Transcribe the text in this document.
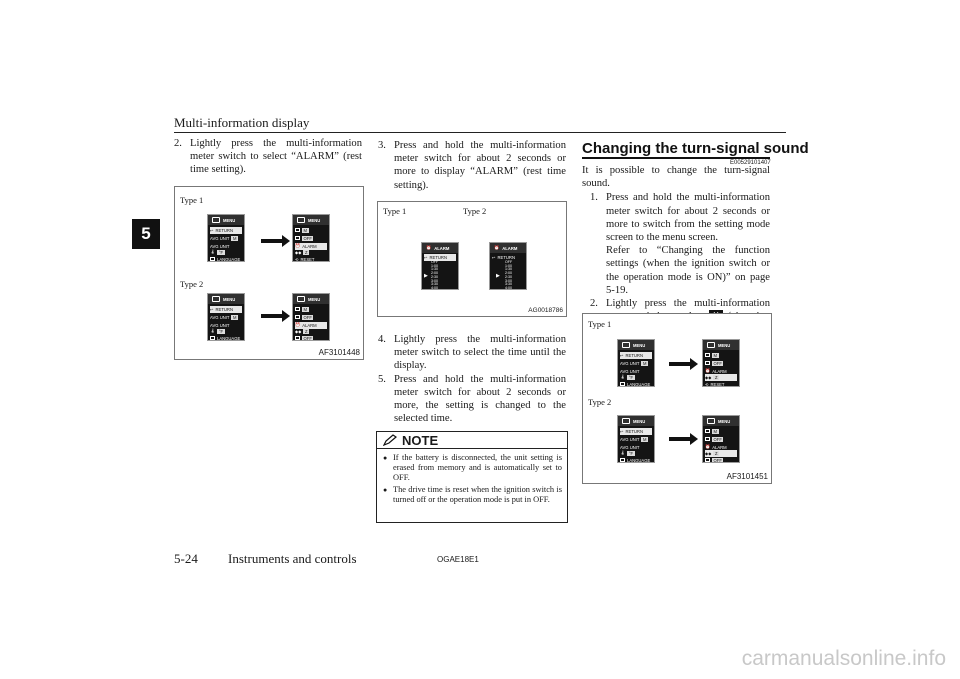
Multi-information display
5

2. Lightly press the multi-information meter switch to select “ALARM” (rest time setting).

Type 1
Type 2
AF3101448
MENU
↩ RETURN
AVG UNIT M
AVG UNIT
🌡 °F
LANGUAGE
MENU
M
OFF
⏰ ALARM
◆◆ Z
⟲ RESET
MENU
↩ RETURN
AVG UNIT M
AVG UNIT
🌡 °F
LANGUAGE
MENU
M
OFF
⏰ ALARM
◆◆ Z
OFF

3. Press and hold the multi-information meter switch for about 2 seconds or more to display “ALARM” (rest time setting).

Type 1	Type 2
AG0018786
⏰ ALARM
↩ RETURN
OFF
1:00
1:30
2:00
2:30
3:00
3:30
4:00
▶
⏰ ALARM
↩ RETURN
OFF
1:00
1:30
2:00
2:30
3:00
3:30
4:00
▶

4. Lightly press the multi-information meter switch to select the time until the display.

5. Press and hold the multi-information meter switch for about 2 seconds or more, the setting is changed to the selected time.

NOTE

● If the battery is disconnected, the unit setting is erased from memory and is automatically set to OFF.

● The drive time is reset when the ignition switch is turned off or the operation mode is put in OFF.

Changing the turn-signal sound
E00529101407

It is possible to change the turn-signal sound.

1. Press and hold the multi-information meter switch for about 2 seconds or more to switch from the setting mode screen to the menu screen.
Refer to “Changing the function settings (when the ignition switch or the operation mode is ON)” on page 5-19.

2. Lightly press the multi-information

Type 1
Type 2
AF3101451
MENU
↩ RETURN
AVG UNIT M
AVG UNIT
🌡 °F
LANGUAGE
MENU
M
OFF
⏰ ALARM
◆◆ Z
⟲ RESET
MENU
↩ RETURN
AVG UNIT M
AVG UNIT
🌡 °F
LANGUAGE
MENU
M
OFF
⏰ ALARM
◆◆ Z
OFF
5-24 Instruments and controls	OGAE18E1
carmanualsonline.info
